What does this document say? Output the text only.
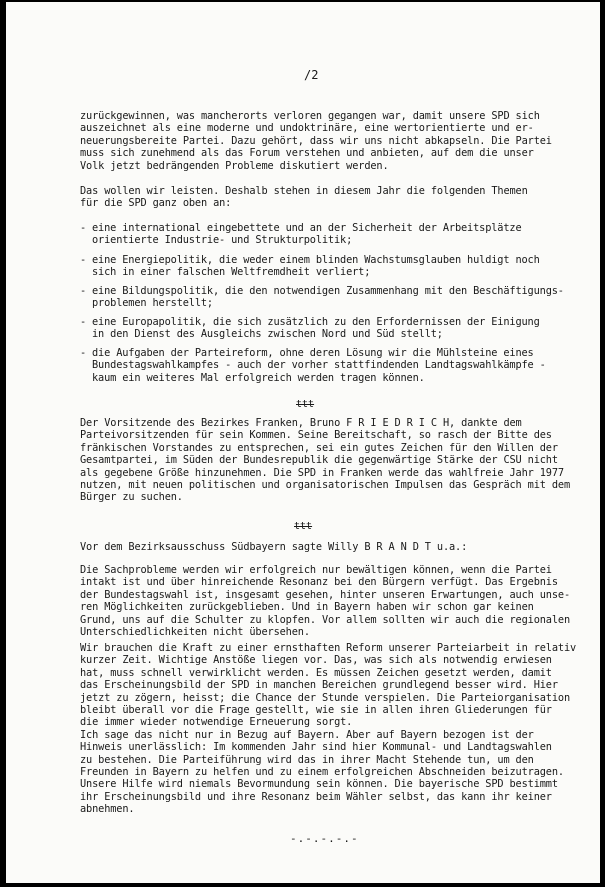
/2
zurückgewinnen, was mancherorts verloren gegangen war, damit unsere SPD sich
auszeichnet als eine moderne und undoktrinäre, eine wertorientierte und er-
neuerungsbereite Partei. Dazu gehört, dass wir uns nicht abkapseln. Die Partei
muss sich zunehmend als das Forum verstehen und anbieten, auf dem die unser
Volk jetzt bedrängenden Probleme diskutiert werden.
Das wollen wir leisten. Deshalb stehen in diesem Jahr die folgenden Themen
für die SPD ganz oben an:
- eine international eingebettete und an der Sicherheit der Arbeitsplätze
orientierte Industrie- und Strukturpolitik;
- eine Energiepolitik, die weder einem blinden Wachstumsglauben huldigt noch
sich in einer falschen Weltfremdheit verliert;
- eine Bildungspolitik, die den notwendigen Zusammenhang mit den Beschäftigungs-
problemen herstellt;
- eine Europapolitik, die sich zusätzlich zu den Erfordernissen der Einigung
in den Dienst des Ausgleichs zwischen Nord und Süd stellt;
- die Aufgaben der Parteireform, ohne deren Lösung wir die Mühlsteine eines
Bundestagswahlkampfes - auch der vorher stattfindenden Landtagswahlkämpfe -
kaum ein weiteres Mal erfolgreich werden tragen können.
ttt
Der Vorsitzende des Bezirkes Franken, Bruno F R I E D R I C H, dankte dem
Parteivorsitzenden für sein Kommen. Seine Bereitschaft, so rasch der Bitte des
fränkischen Vorstandes zu entsprechen, sei ein gutes Zeichen für den Willen der
Gesamtpartei, im Süden der Bundesrepublik die gegenwärtige Stärke der CSU nicht
als gegebene Größe hinzunehmen. Die SPD in Franken werde das wahlfreie Jahr 1977
nutzen, mit neuen politischen und organisatorischen Impulsen das Gespräch mit dem
Bürger zu suchen.
ttt
Vor dem Bezirksausschuss Südbayern sagte Willy B R A N D T u.a.:
Die Sachprobleme werden wir erfolgreich nur bewältigen können, wenn die Partei
intakt ist und über hinreichende Resonanz bei den Bürgern verfügt. Das Ergebnis
der Bundestagswahl ist, insgesamt gesehen, hinter unseren Erwartungen, auch unse-
ren Möglichkeiten zurückgeblieben. Und in Bayern haben wir schon gar keinen
Grund, uns auf die Schulter zu klopfen. Vor allem sollten wir auch die regionalen
Unterschiedlichkeiten nicht übersehen.
Wir brauchen die Kraft zu einer ernsthaften Reform unserer Parteiarbeit in relativ
kurzer Zeit. Wichtige Anstöße liegen vor. Das, was sich als notwendig erwiesen
hat, muss schnell verwirklicht werden. Es müssen Zeichen gesetzt werden, damit
das Erscheinungsbild der SPD in manchen Bereichen grundlegend besser wird. Hier
jetzt zu zögern, heisst; die Chance der Stunde verspielen. Die Parteiorganisation
bleibt überall vor die Frage gestellt, wie sie in allen ihren Gliederungen für
die immer wieder notwendige Erneuerung sorgt.
Ich sage das nicht nur in Bezug auf Bayern. Aber auf Bayern bezogen ist der
Hinweis unerlässlich: Im kommenden Jahr sind hier Kommunal- und Landtagswahlen
zu bestehen. Die Parteiführung wird das in ihrer Macht Stehende tun, um den
Freunden in Bayern zu helfen und zu einem erfolgreichen Abschneiden beizutragen.
Unsere Hilfe wird niemals Bevormundung sein können. Die bayerische SPD bestimmt
ihr Erscheinungsbild und ihre Resonanz beim Wähler selbst, das kann ihr keiner
abnehmen.
-.-.-.-.-
